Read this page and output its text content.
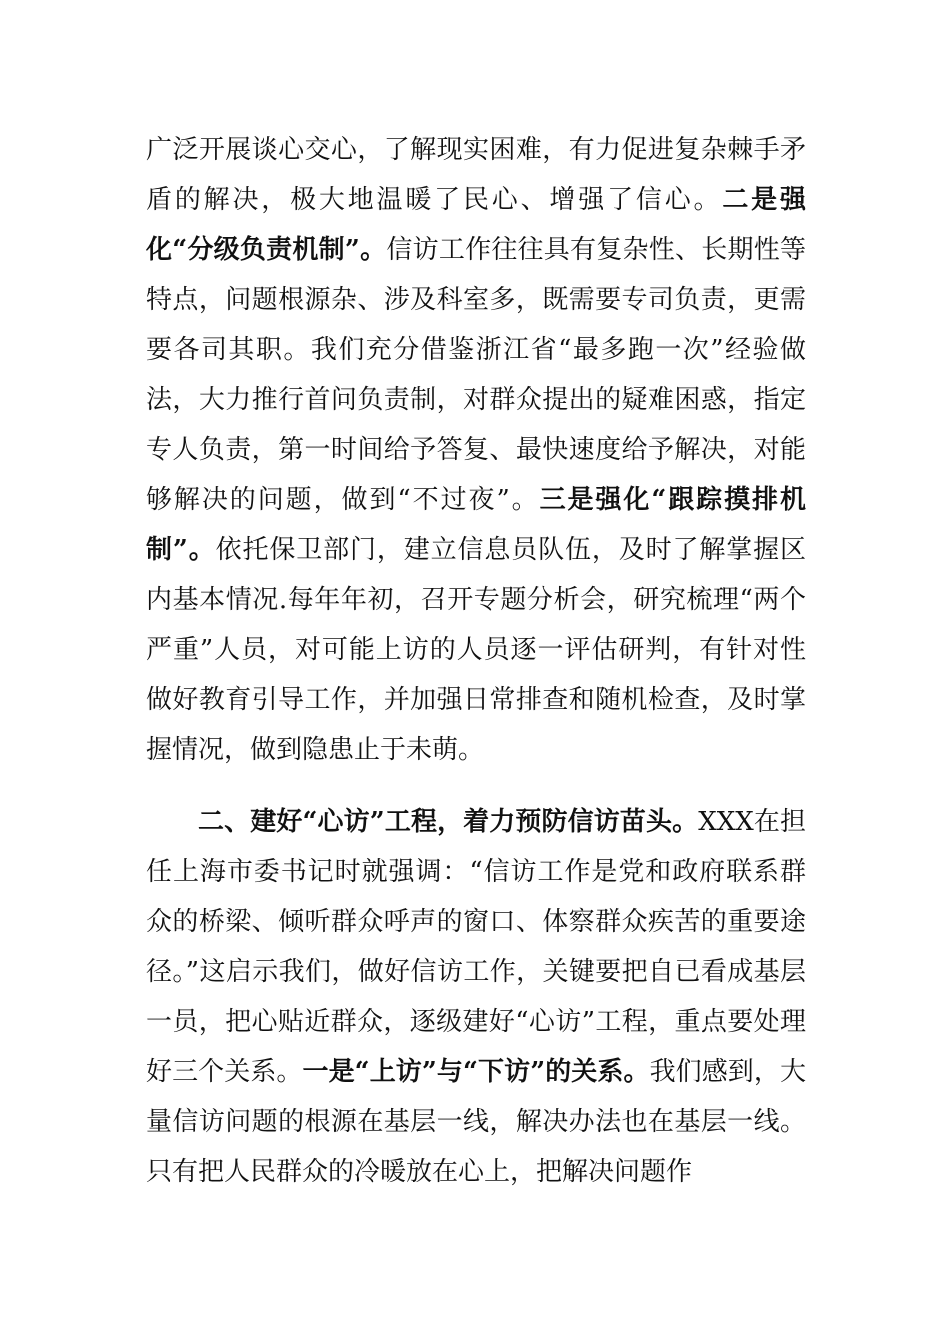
广泛开展谈心交心，了解现实困难，有力促进复杂棘手矛盾的解决，极大地温暖了民心、增强了信心。二是强化“分级负责机制”。信访工作往往具有复杂性、长期性等特点，问题根源杂、涉及科室多，既需要专司负责，更需要各司其职。我们充分借鉴浙江省“最多跑一次”经验做法，大力推行首问负责制，对群众提出的疑难困惑，指定专人负责，第一时间给予答复、最快速度给予解决，对能够解决的问题，做到“不过夜”。三是强化“跟踪摸排机制”。依托保卫部门，建立信息员队伍，及时了解掌握区内基本情况.每年年初，召开专题分析会，研究梳理“两个严重”人员，对可能上访的人员逐一评估研判，有针对性做好教育引导工作，并加强日常排查和随机检查，及时掌握情况，做到隐患止于未萌。

二、建好“心访”工程，着力预防信访苗头。XXX在担任上海市委书记时就强调：“信访工作是党和政府联系群众的桥梁、倾听群众呼声的窗口、体察群众疾苦的重要途径。”这启示我们，做好信访工作，关键要把自已看成基层一员，把心贴近群众，逐级建好“心访”工程，重点要处理好三个关系。一是“上访”与“下访”的关系。我们感到，大量信访问题的根源在基层一线，解决办法也在基层一线。只有把人民群众的冷暖放在心上，把解决问题作
